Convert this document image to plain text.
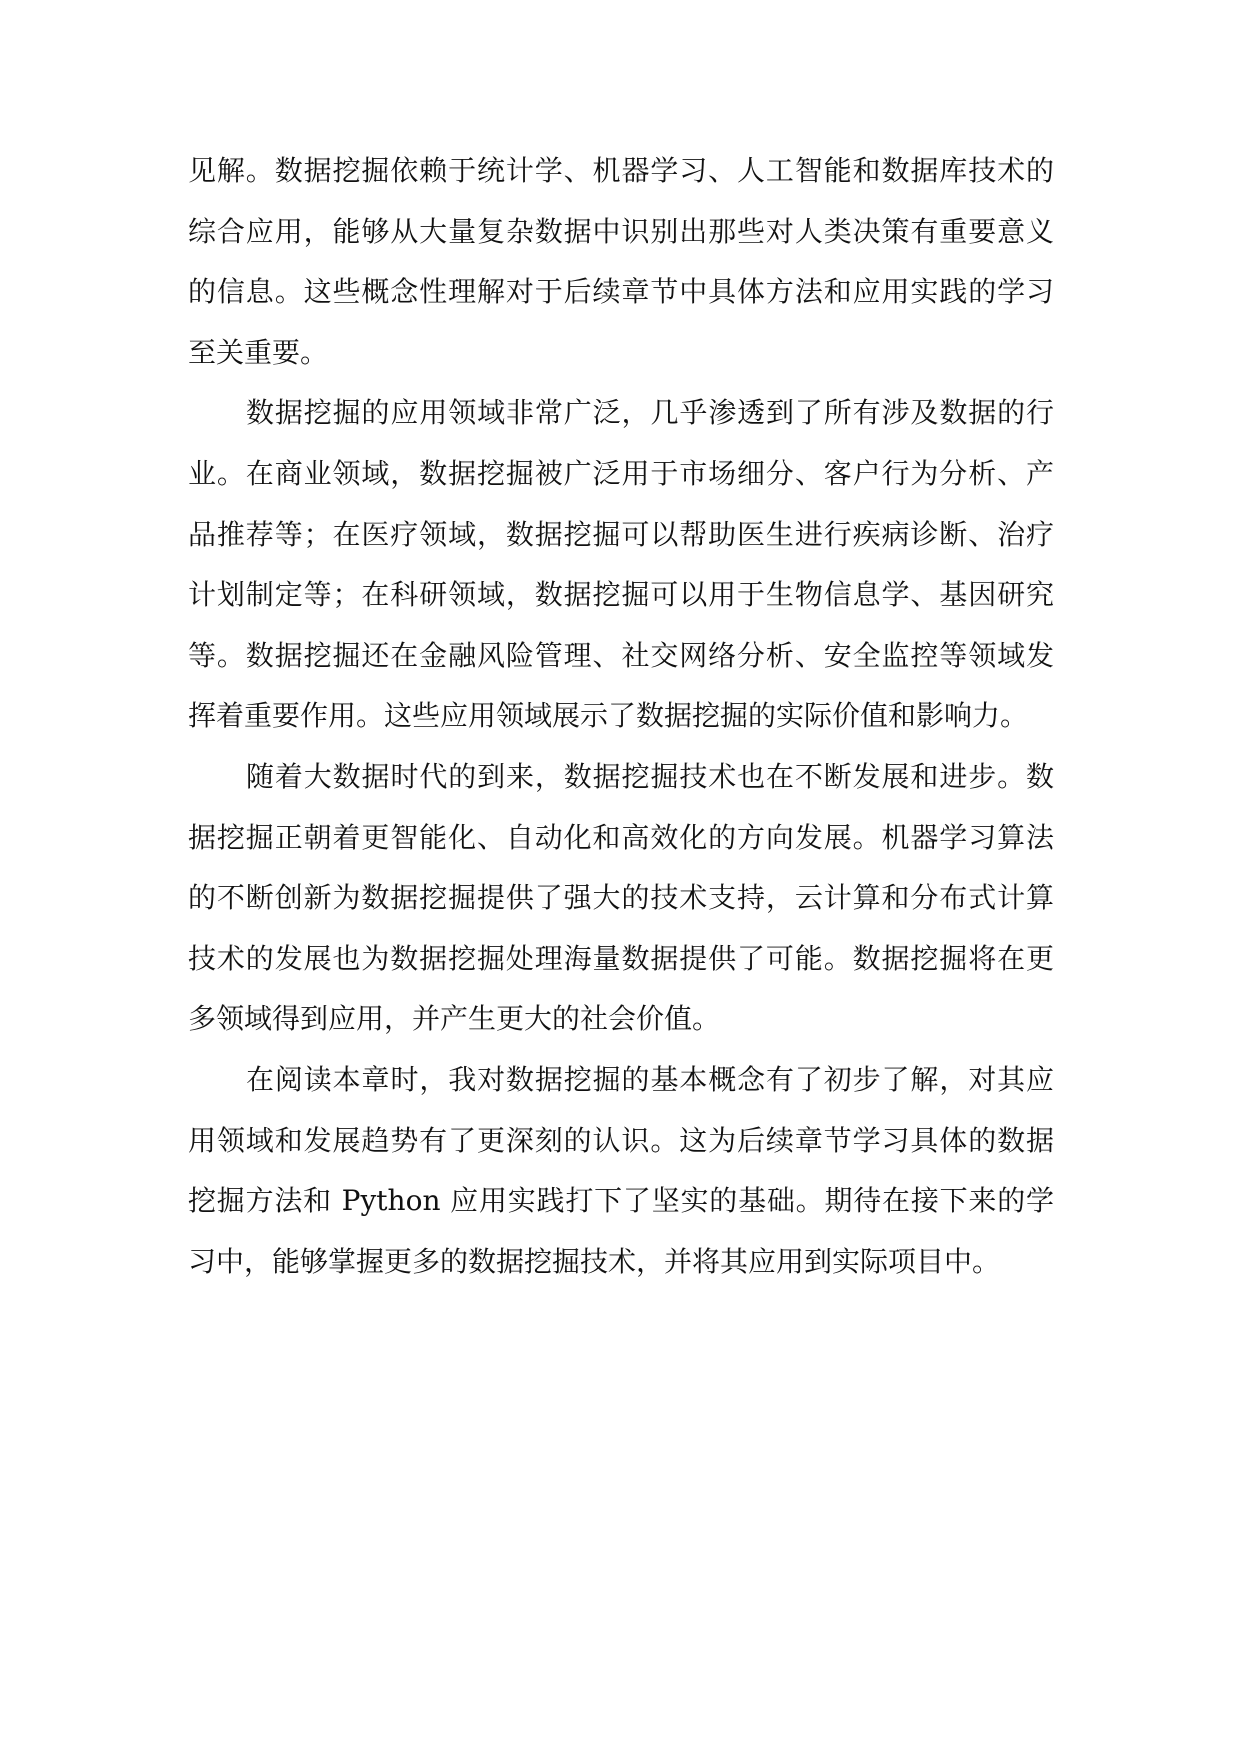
见解。数据挖掘依赖于统计学、机器学习、人工智能和数据库技术的
综合应用，能够从大量复杂数据中识别出那些对人类决策有重要意义
的信息。这些概念性理解对于后续章节中具体方法和应用实践的学习
至关重要。
数据挖掘的应用领域非常广泛，几乎渗透到了所有涉及数据的行
业。在商业领域，数据挖掘被广泛用于市场细分、客户行为分析、产
品推荐等；在医疗领域，数据挖掘可以帮助医生进行疾病诊断、治疗
计划制定等；在科研领域，数据挖掘可以用于生物信息学、基因研究
等。数据挖掘还在金融风险管理、社交网络分析、安全监控等领域发
挥着重要作用。这些应用领域展示了数据挖掘的实际价值和影响力。
随着大数据时代的到来，数据挖掘技术也在不断发展和进步。数
据挖掘正朝着更智能化、自动化和高效化的方向发展。机器学习算法
的不断创新为数据挖掘提供了强大的技术支持，云计算和分布式计算
技术的发展也为数据挖掘处理海量数据提供了可能。数据挖掘将在更
多领域得到应用，并产生更大的社会价值。
在阅读本章时，我对数据挖掘的基本概念有了初步了解，对其应
用领域和发展趋势有了更深刻的认识。这为后续章节学习具体的数据
挖掘方法和 Python 应用实践打下了坚实的基础。期待在接下来的学
习中，能够掌握更多的数据挖掘技术，并将其应用到实际项目中。
